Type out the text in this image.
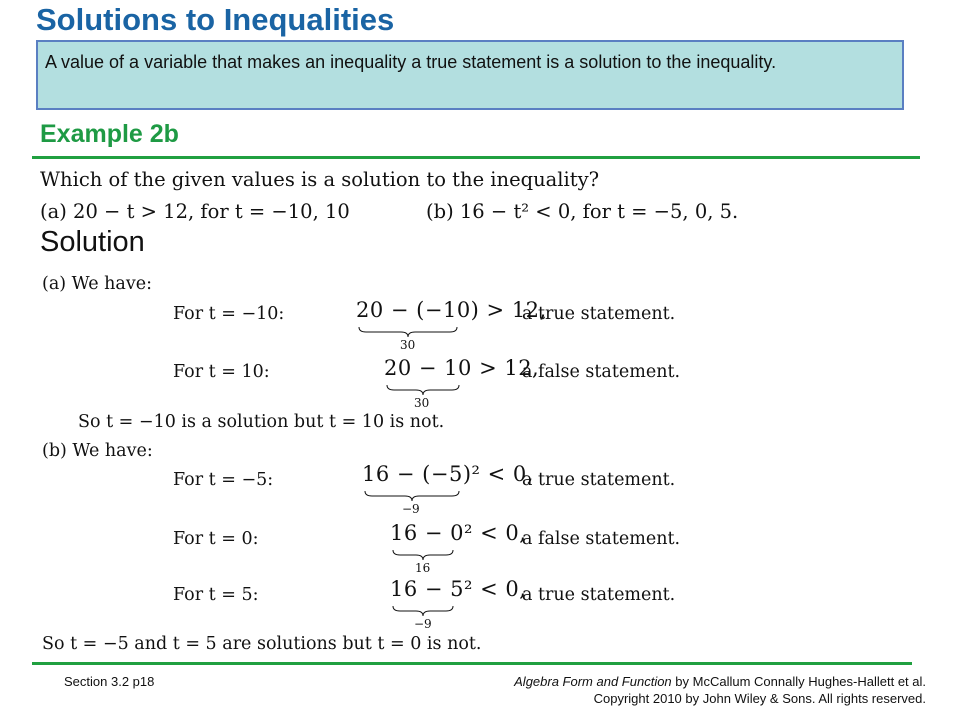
Solutions to Inequalities
A value of a variable that makes an inequality a true statement is a solution to the inequality.
Example 2b
Which of the given values is a solution to the inequality?
(a) 20 − t > 12, for t = −10, 10	(b) 16 − t² < 0, for t = −5, 0, 5.
Solution
(a) We have:
For t = −10:	20 − (−10) > 12,
30
a true statement.
For t = 10:	20 − 10 > 12,
30
a false statement.
So t = −10 is a solution but t = 10 is not.
(b) We have:
For t = −5:	16 − (−5)² < 0,
−9
a true statement.
For t = 0:	16 − 0² < 0,
16
a false statement.
For t = 5:	16 − 5² < 0,
−9
a true statement.
So t = −5 and t = 5 are solutions but t = 0 is not.
Section 3.2 p18	Algebra Form and Function by McCallum Connally Hughes-Hallett et al.
Copyright 2010 by John Wiley & Sons. All rights reserved.
